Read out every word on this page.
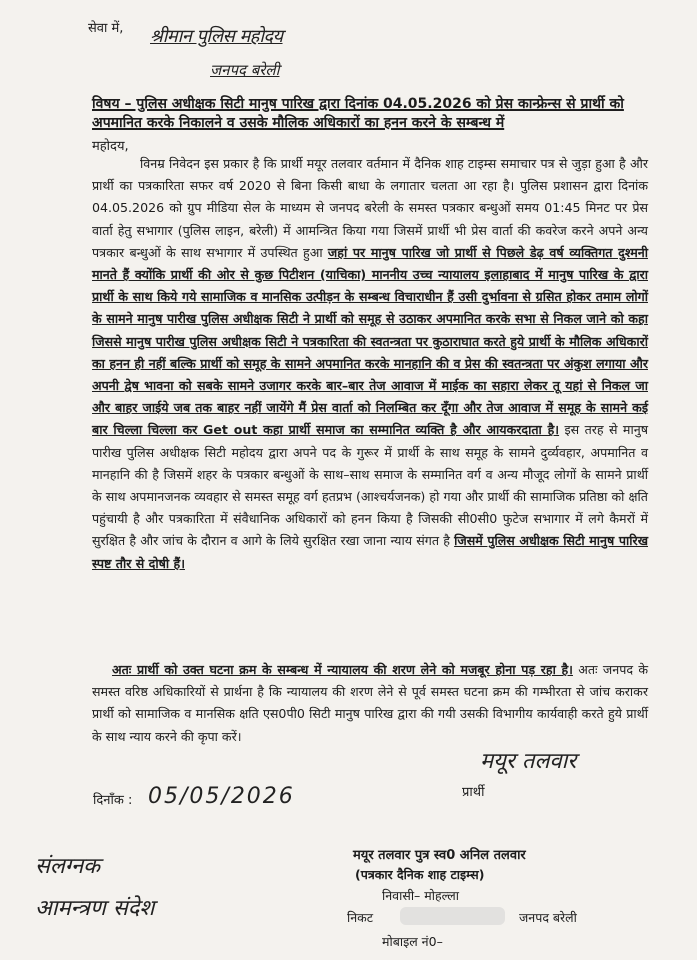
सेवा में, श्रीमान पुलिस महोदय
जनपद बरेली
विषय – पुलिस अधीक्षक सिटी मानुष पारिख द्वारा दिनांक 04.05.2026 को प्रेस कान्फ्रेन्स से प्रार्थी को अपमानित करके निकालने व उसके मौलिक अधिकारों का हनन करने के सम्बन्ध में
महोदय,
विनम्र निवेदन इस प्रकार है कि प्रार्थी मयूर तलवार वर्तमान में दैनिक शाह टाइम्स समाचार पत्र से जुड़ा हुआ है और प्रार्थी का पत्रकारिता सफर वर्ष 2020 से बिना किसी बाधा के लगातार चलता आ रहा है। पुलिस प्रशासन द्वारा दिनांक 04.05.2026 को ग्रुप मीडिया सेल के माध्यम से जनपद बरेली के समस्त पत्रकार बन्धुओं समय 01:45 मिनट पर प्रेस वार्ता हेतु सभागार (पुलिस लाइन, बरेली) में आमन्त्रित किया गया जिसमें प्रार्थी भी प्रेस वार्ता की कवरेज करने अपने अन्य पत्रकार बन्धुओं के साथ सभागार में उपस्थित हुआ जहां पर मानुष पारिख जो प्रार्थी से पिछले डेढ़ वर्ष व्यक्तिगत दुश्मनी मानते हैं क्योंकि प्रार्थी की ओर से कुछ पिटीशन (याचिका) माननीय उच्च न्यायालय इलाहाबाद में मानुष पारिख के द्वारा प्रार्थी के साथ किये गये सामाजिक व मानसिक उत्पीड़न के सम्बन्ध विचाराधीन हैं उसी दुर्भावना से ग्रसित होकर तमाम लोगों के सामने मानुष पारीख पुलिस अधीक्षक सिटी ने प्रार्थी को समूह से उठाकर अपमानित करके सभा से निकल जाने को कहा जिससे मानुष पारीख पुलिस अधीक्षक सिटी ने पत्रकारिता की स्वतन्त्रता पर कुठाराघात करते हुये प्रार्थी के मौलिक अधिकारों का हनन ही नहीं बल्कि प्रार्थी को समूह के सामने अपमानित करके मानहानि की व प्रेस की स्वतन्त्रता पर अंकुश लगाया और अपनी द्वेष भावना को सबके सामने उजागर करके बार–बार तेज आवाज में माईक का सहारा लेकर तू यहां से निकल जा और बाहर जाईये जब तक बाहर नहीं जायेंगे मैं प्रेस वार्ता को निलम्बित कर दूँगा और तेज आवाज में समूह के सामने कई बार चिल्ला चिल्ला कर Get out कहा प्रार्थी समाज का सम्मानित व्यक्ति है और आयकरदाता है। इस तरह से मानुष पारीख पुलिस अधीक्षक सिटी महोदय द्वारा अपने पद के गुरूर में प्रार्थी के साथ समूह के सामने दुर्व्यवहार, अपमानित व मानहानि की है जिसमें शहर के पत्रकार बन्धुओं के साथ–साथ समाज के सम्मानित वर्ग व अन्य मौजूद लोगों के सामने प्रार्थी के साथ अपमानजनक व्यवहार से समस्त समूह वर्ग हतप्रभ (आश्चर्यजनक) हो गया और प्रार्थी की सामाजिक प्रतिष्ठा को क्षति पहुंचायी है और पत्रकारिता में संवैधानिक अधिकारों को हनन किया है जिसकी सी0सी0 फुटेज सभागार में लगे कैमरों में सुरक्षित है और जांच के दौरान व आगे के लिये सुरक्षित रखा जाना न्याय संगत है जिसमें पुलिस अधीक्षक सिटी मानुष पारिख स्पष्ट तौर से दोषी हैं।
अतः प्रार्थी को उक्त घटना क्रम के सम्बन्ध में न्यायालय की शरण लेने को मजबूर होना पड़ रहा है। अतः जनपद के समस्त वरिष्ठ अधिकारियों से प्रार्थना है कि न्यायालय की शरण लेने से पूर्व समस्त घटना क्रम की गम्भीरता से जांच कराकर प्रार्थी को सामाजिक व मानसिक क्षति एस0पी0 सिटी मानुष पारिख द्वारा की गयी उसकी विभागीय कार्यवाही करते हुये प्रार्थी के साथ न्याय करने की कृपा करें।
दिनाँक : 05/05/2026	प्रार्थी
मयूर तलवार
मयूर तलवार पुत्र स्व0 अनिल तलवार
(पत्रकार दैनिक शाह टाइम्स)
निवासी– मोहल्ला
निकट	जनपद बरेली
मोबाइल नं0–
संलग्नक
आमन्त्रण संदेश
